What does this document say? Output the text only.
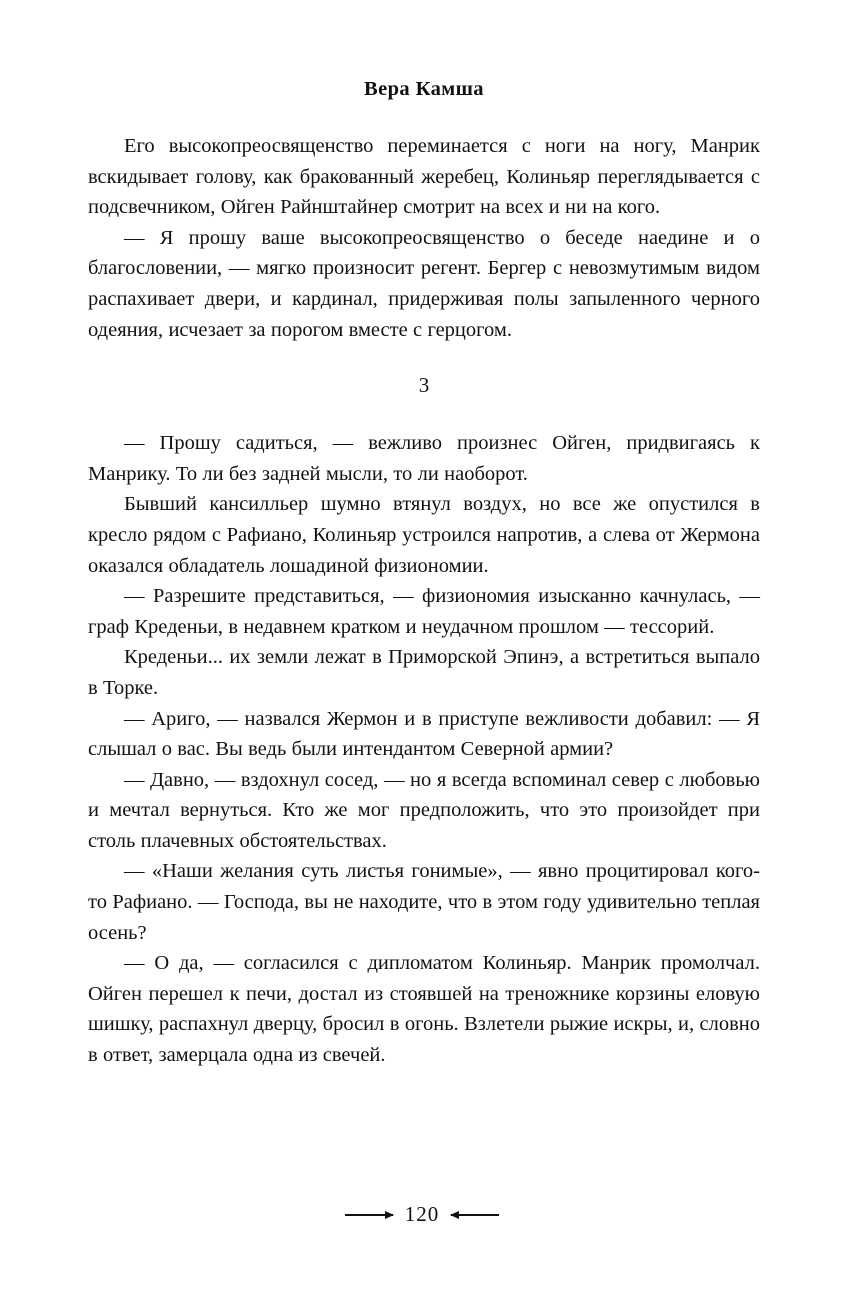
Вера Камша

Его высокопреосвященство переминается с ноги на ногу, Манрик вскидывает голову, как бракованный жеребец, Колиньяр переглядывается с подсвечником, Ойген Райнштайнер смотрит на всех и ни на кого.

— Я прошу ваше высокопреосвященство о беседе наедине и о благословении, — мягко произносит регент. Бергер с невозмутимым видом распахивает двери, и кардинал, придерживая полы запыленного черного одеяния, исчезает за порогом вместе с герцогом.

3

— Прошу садиться, — вежливо произнес Ойген, придвигаясь к Манрику. То ли без задней мысли, то ли наоборот.

Бывший кансилльер шумно втянул воздух, но все же опустился в кресло рядом с Рафиано, Колиньяр устроился напротив, а слева от Жермона оказался обладатель лошадиной физиономии.

— Разрешите представиться, — физиономия изысканно качнулась, — граф Креденьи, в недавнем кратком и неудачном прошлом — тессорий.

Креденьи... их земли лежат в Приморской Эпинэ, а встретиться выпало в Торке.

— Ариго, — назвался Жермон и в приступе вежливости добавил: — Я слышал о вас. Вы ведь были интендантом Северной армии?

— Давно, — вздохнул сосед, — но я всегда вспоминал север с любовью и мечтал вернуться. Кто же мог предположить, что это произойдет при столь плачевных обстоятельствах.

— «Наши желания суть листья гонимые», — явно процитировал кого-то Рафиано. — Господа, вы не находите, что в этом году удивительно теплая осень?

— О да, — согласился с дипломатом Колиньяр. Манрик промолчал. Ойген перешел к печи, достал из стоявшей на треножнике корзины еловую шишку, распахнул дверцу, бросил в огонь. Взлетели рыжие искры, и, словно в ответ, замерцала одна из свечей.

120
